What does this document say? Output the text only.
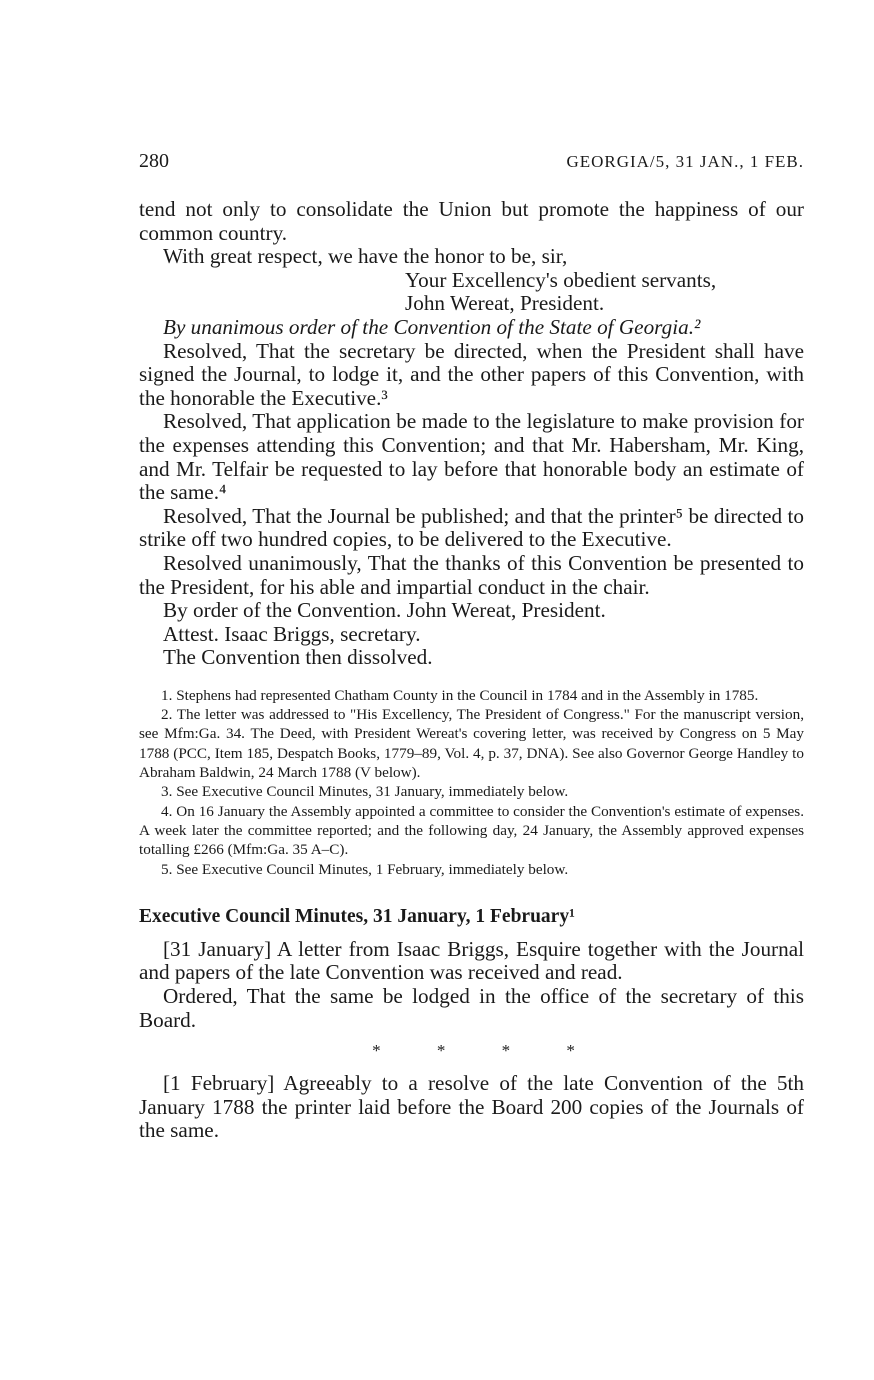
280	GEORGIA/5, 31 JAN., 1 FEB.

tend not only to consolidate the Union but promote the happiness of our common country.

With great respect, we have the honor to be, sir,

Your Excellency's obedient servants,

John Wereat, President.

By unanimous order of the Convention of the State of Georgia.²

Resolved, That the secretary be directed, when the President shall have signed the Journal, to lodge it, and the other papers of this Convention, with the honorable the Executive.³

Resolved, That application be made to the legislature to make provision for the expenses attending this Convention; and that Mr. Habersham, Mr. King, and Mr. Telfair be requested to lay before that honorable body an estimate of the same.⁴

Resolved, That the Journal be published; and that the printer⁵ be directed to strike off two hundred copies, to be delivered to the Executive.

Resolved unanimously, That the thanks of this Convention be presented to the President, for his able and impartial conduct in the chair.

By order of the Convention. John Wereat, President.

Attest. Isaac Briggs, secretary.

The Convention then dissolved.

1. Stephens had represented Chatham County in the Council in 1784 and in the Assembly in 1785.

2. The letter was addressed to "His Excellency, The President of Congress." For the manuscript version, see Mfm:Ga. 34. The Deed, with President Wereat's covering letter, was received by Congress on 5 May 1788 (PCC, Item 185, Despatch Books, 1779–89, Vol. 4, p. 37, DNA). See also Governor George Handley to Abraham Baldwin, 24 March 1788 (V below).

3. See Executive Council Minutes, 31 January, immediately below.

4. On 16 January the Assembly appointed a committee to consider the Convention's estimate of expenses. A week later the committee reported; and the following day, 24 January, the Assembly approved expenses totalling £266 (Mfm:Ga. 35 A–C).

5. See Executive Council Minutes, 1 February, immediately below.

Executive Council Minutes, 31 January, 1 February¹

[31 January] A letter from Isaac Briggs, Esquire together with the Journal and papers of the late Convention was received and read.

Ordered, That the same be lodged in the office of the secretary of this Board.

* * * *

[1 February] Agreeably to a resolve of the late Convention of the 5th January 1788 the printer laid before the Board 200 copies of the Journals of the same.
